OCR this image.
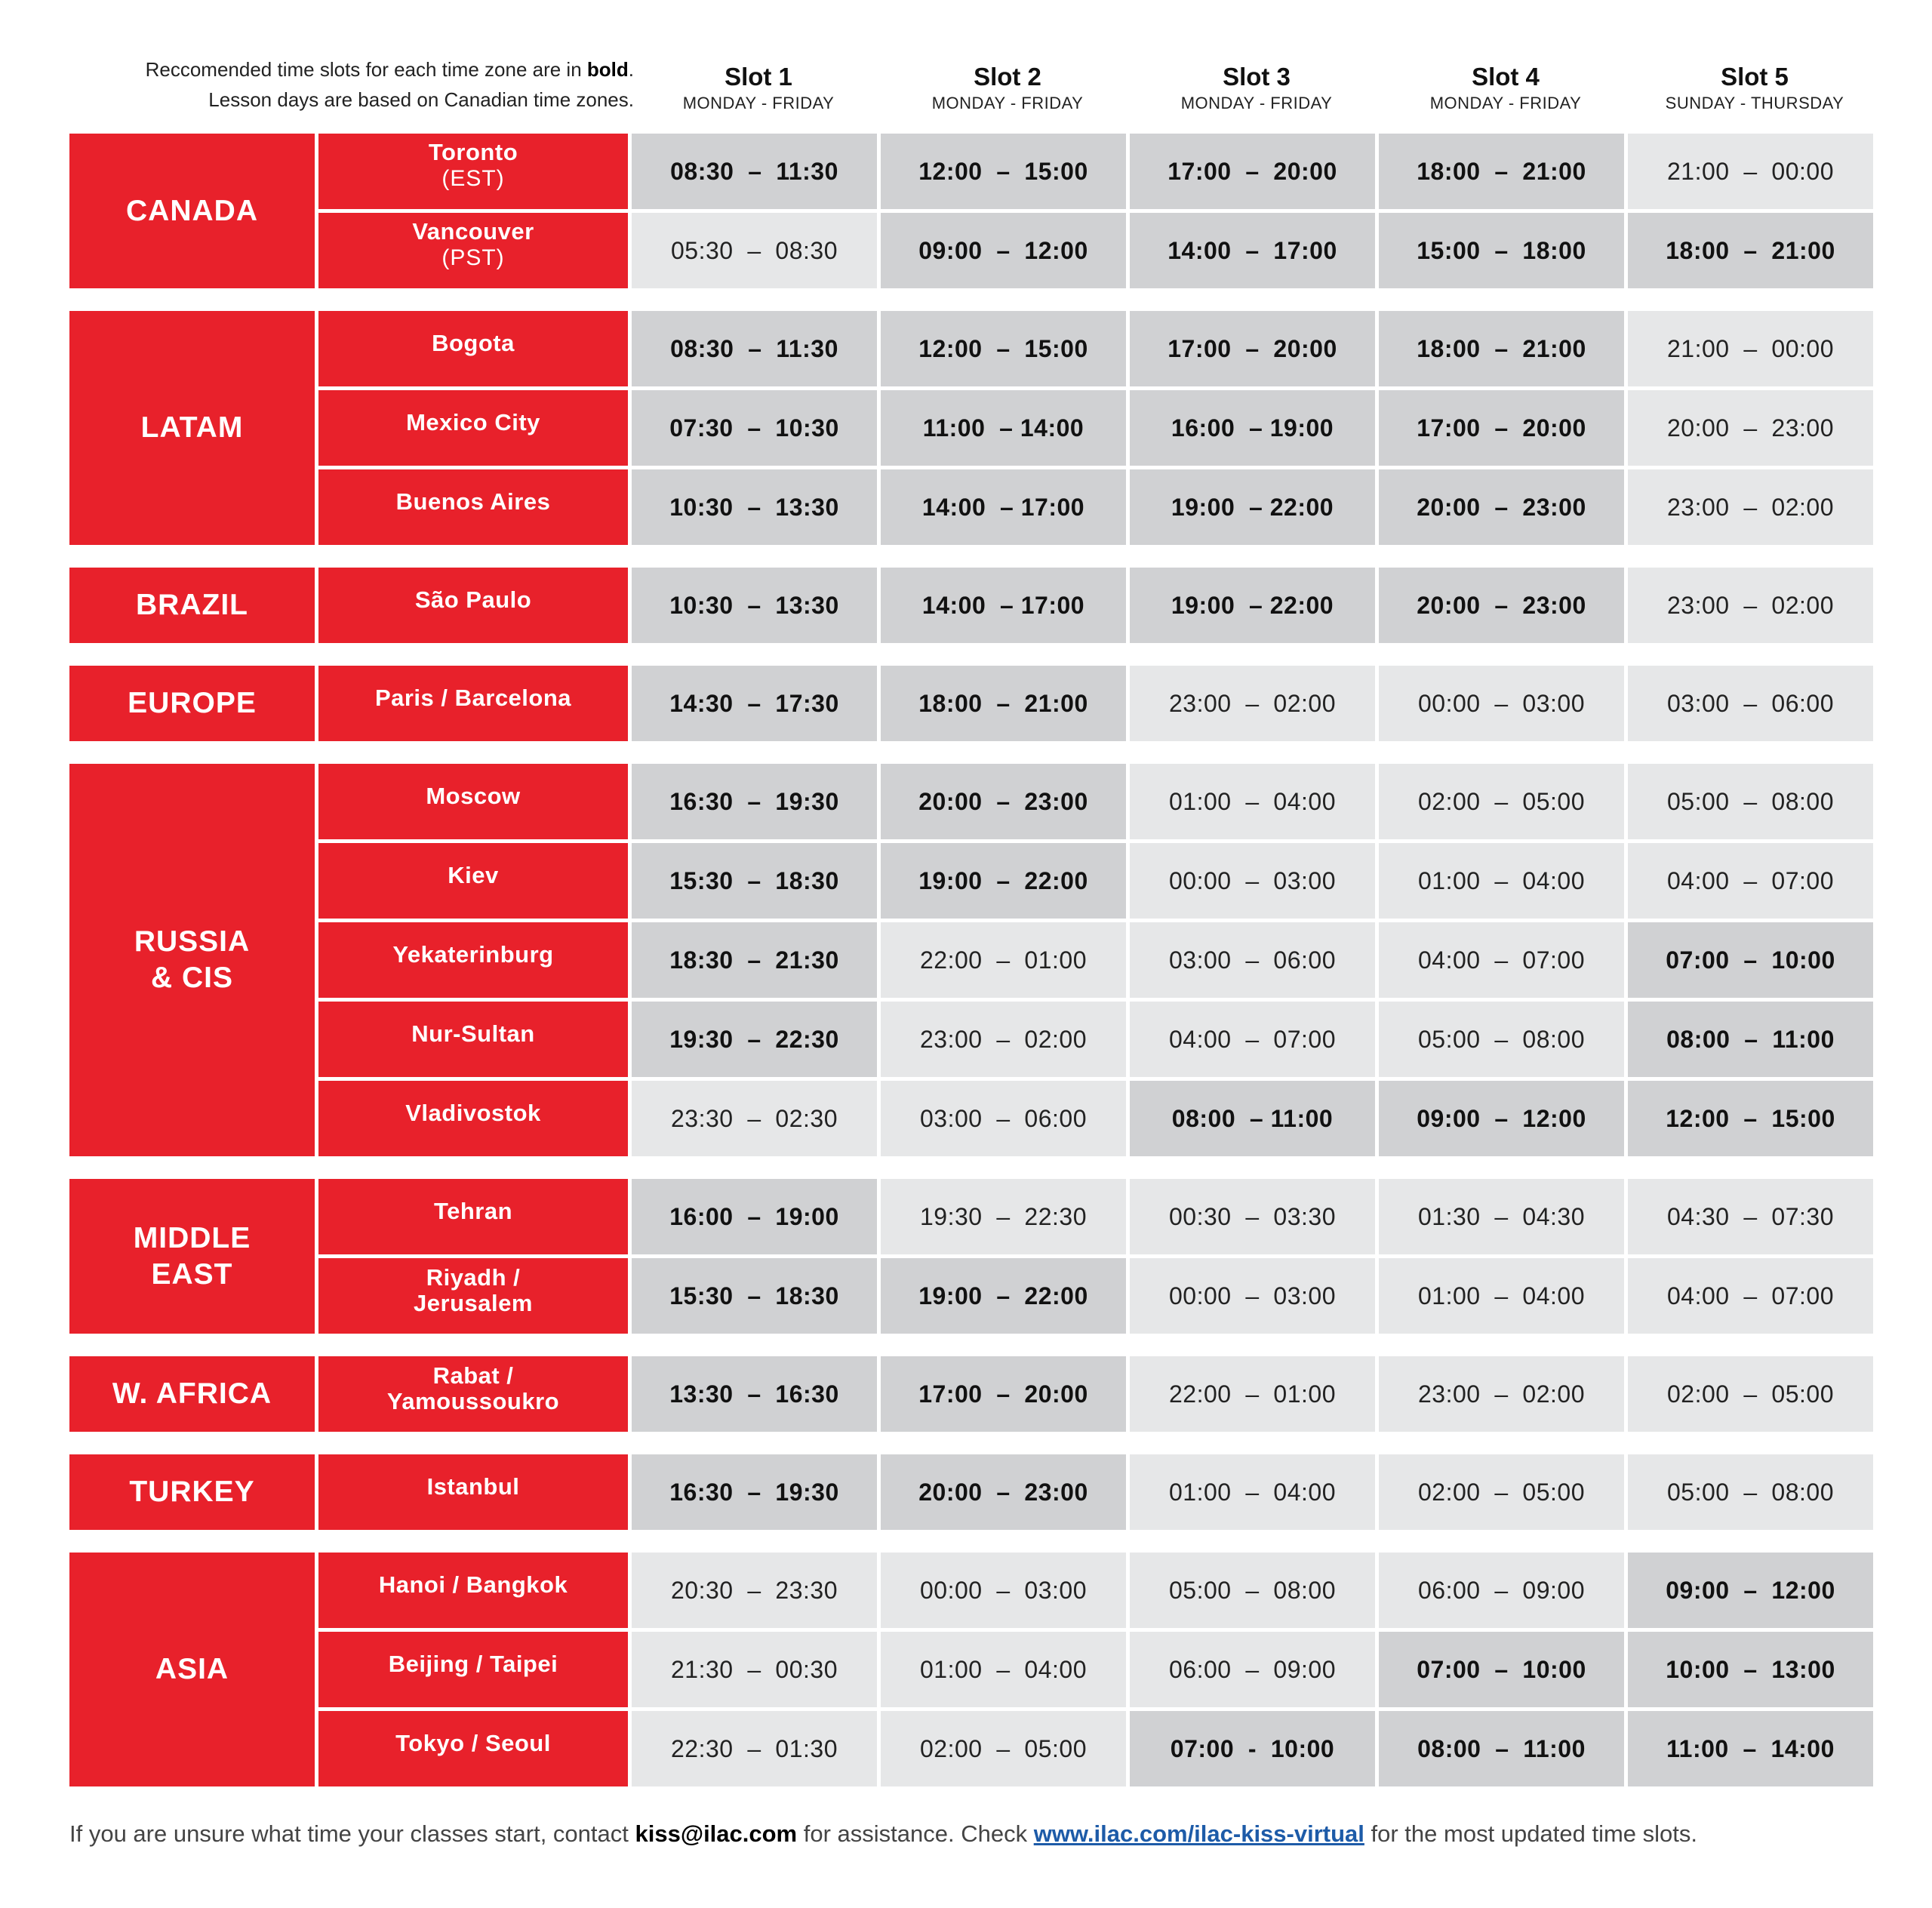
Reccomended time slots for each time zone are in bold.
Lesson days are based on Canadian time zones.
Slot 1
MONDAY - FRIDAY
Slot 2
MONDAY - FRIDAY
Slot 3
MONDAY - FRIDAY
Slot 4
MONDAY - FRIDAY
Slot 5
SUNDAY - THURSDAY
CANADA
Toronto
(EST)	08:30  –  11:30	12:00  –  15:00	17:00  –  20:00	18:00  –  21:00	21:00  –  00:00
Vancouver
(PST)	05:30  –  08:30	09:00  –  12:00	14:00  –  17:00	15:00  –  18:00	18:00  –  21:00
LATAM
Bogota	08:30  –  11:30	12:00  –  15:00	17:00  –  20:00	18:00  –  21:00	21:00  –  00:00
Mexico City	07:30  –  10:30	11:00  – 14:00	16:00  – 19:00	17:00  –  20:00	20:00  –  23:00
Buenos Aires	10:30  –  13:30	14:00  – 17:00	19:00  – 22:00	20:00  –  23:00	23:00  –  02:00
BRAZIL	São Paulo	10:30  –  13:30	14:00  – 17:00	19:00  – 22:00	20:00  –  23:00	23:00  –  02:00
EUROPE	Paris / Barcelona	14:30  –  17:30	18:00  –  21:00	23:00  –  02:00	00:00  –  03:00	03:00  –  06:00
RUSSIA
& CIS
Moscow	16:30  –  19:30	20:00  –  23:00	01:00  –  04:00	02:00  –  05:00	05:00  –  08:00
Kiev	15:30  –  18:30	19:00  –  22:00	00:00  –  03:00	01:00  –  04:00	04:00  –  07:00
Yekaterinburg	18:30  –  21:30	22:00  –  01:00	03:00  –  06:00	04:00  –  07:00	07:00  –  10:00
Nur-Sultan	19:30  –  22:30	23:00  –  02:00	04:00  –  07:00	05:00  –  08:00	08:00  –  11:00
Vladivostok	23:30  –  02:30	03:00  –  06:00	08:00  – 11:00	09:00  –  12:00	12:00  –  15:00
MIDDLE
EAST
Tehran	16:00  –  19:00	19:30  –  22:30	00:30  –  03:30	01:30  –  04:30	04:30  –  07:30
Riyadh /
Jerusalem	15:30  –  18:30	19:00  –  22:00	00:00  –  03:00	01:00  –  04:00	04:00  –  07:00
W. AFRICA
Rabat /
Yamoussoukro	13:30  –  16:30	17:00  –  20:00	22:00  –  01:00	23:00  –  02:00	02:00  –  05:00
TURKEY	Istanbul	16:30  –  19:30	20:00  –  23:00	01:00  –  04:00	02:00  –  05:00	05:00  –  08:00
ASIA
Hanoi / Bangkok	20:30  –  23:30	00:00  –  03:00	05:00  –  08:00	06:00  –  09:00	09:00  –  12:00
Beijing / Taipei	21:30  –  00:30	01:00  –  04:00	06:00  –  09:00	07:00  –  10:00	10:00  –  13:00
Tokyo / Seoul	22:30  –  01:30	02:00  –  05:00	07:00  -  10:00	08:00  –  11:00	11:00  –  14:00
If you are unsure what time your classes start, contact kiss@ilac.com for assistance. Check www.ilac.com/ilac-kiss-virtual for the most updated time slots.
